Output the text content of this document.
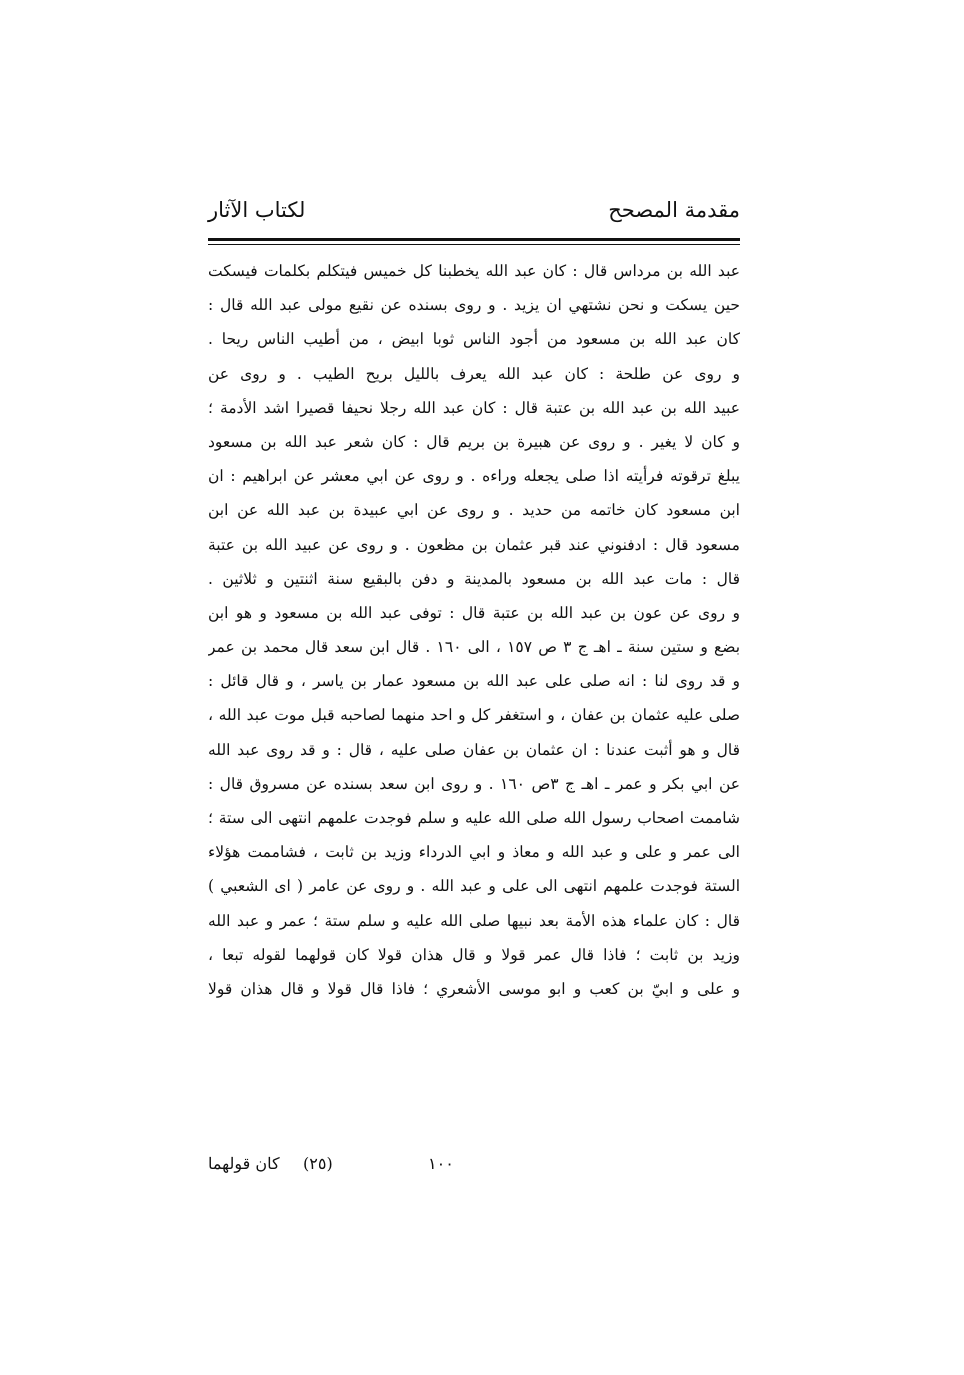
مقدمة المصحح
لكتاب الآثار
عبد الله بن مرداس قال : كان عبد الله يخطبنا كل خميس فيتكلم بكلمات فيسكت
حين يسكت و نحن نشتهي ان يزيد ‍. و روى بسنده عن نقيع مولى عبد الله قال :
كان عبد الله بن مسعود من أجود الناس ثوبا ابيض ، من أطيب الناس ريحا .
و روى عن طلحة : كان عبد الله يعرف بالليل بريح الطيب . و روى عن
عبيد الله بن عبد الله بن عتبة قال : كان عبد الله رجلا نحيفا قصيرا اشد الأدمة ؛
و كان لا يغير . و روى عن هبيرة بن بريم قال : كان شعر عبد الله بن مسعود
يبلغ ترقوته فرأيته اذا صلى يجعله وراءه . و روى عن ابي معشر عن ابراهيم : ان
ابن مسعود كان خاتمه من حديد . و روى عن ابي عبيدة بن عبد الله عن ابن
مسعود قال : ادفنوني عند قبر عثمان بن مظعون . و روى عن عبيد الله بن عتبة
قال : مات عبد الله بن مسعود بالمدينة و دفن بالبقيع سنة اثنتين و ثلاثين .
و روى عن عون بن عبد الله بن عتبة قال : توفى عبد الله بن مسعود و هو ابن
بضع و ستين سنة ـ اهـ ج ٣ ص ١٥٧ ، الى ١٦٠ . قال ابن سعد قال محمد بن عمر
و قد روى لنا : انه صلى على عبد الله بن مسعود عمار بن ياسر ، و قال قائل :
صلى عليه عثمان بن عفان ، و استغفر كل و احد منهما لصاحبه قبل موت عبد الله ،
قال و هو أثبت عندنا : ان عثمان بن عفان صلى عليه ، قال : و قد روى عبد الله
عن ابي بكر و عمر ـ اهـ ج ٣ص ١٦٠ . و روى ابن سعد بسنده عن مسروق قال :
شاممت اصحاب رسول الله صلى الله عليه و سلم فوجدت علمهم انتهى الى ستة ؛
الى عمر و على و عبد الله و معاذ و ابي الدرداء وزيد بن ثابت ، فشاممت هؤلاء
الستة فوجدت علمهم انتهى الى على و عبد الله . و روى عن عامر ( اى الشعبي )
قال : كان علماء هذه الأمة بعد نبيها صلى الله عليه و سلم ستة ؛ عمر و عبد الله
وزيد بن ثابت ؛ فاذا قال عمر قولا و قال هذان قولا كان قولهما لقوله تبعا ،
و على و ابيّ بن كعب و ابو موسى الأشعري ؛ فاذا قال قولا و قال هذان قولا
١٠٠
(٢٥)
كان قولهما
